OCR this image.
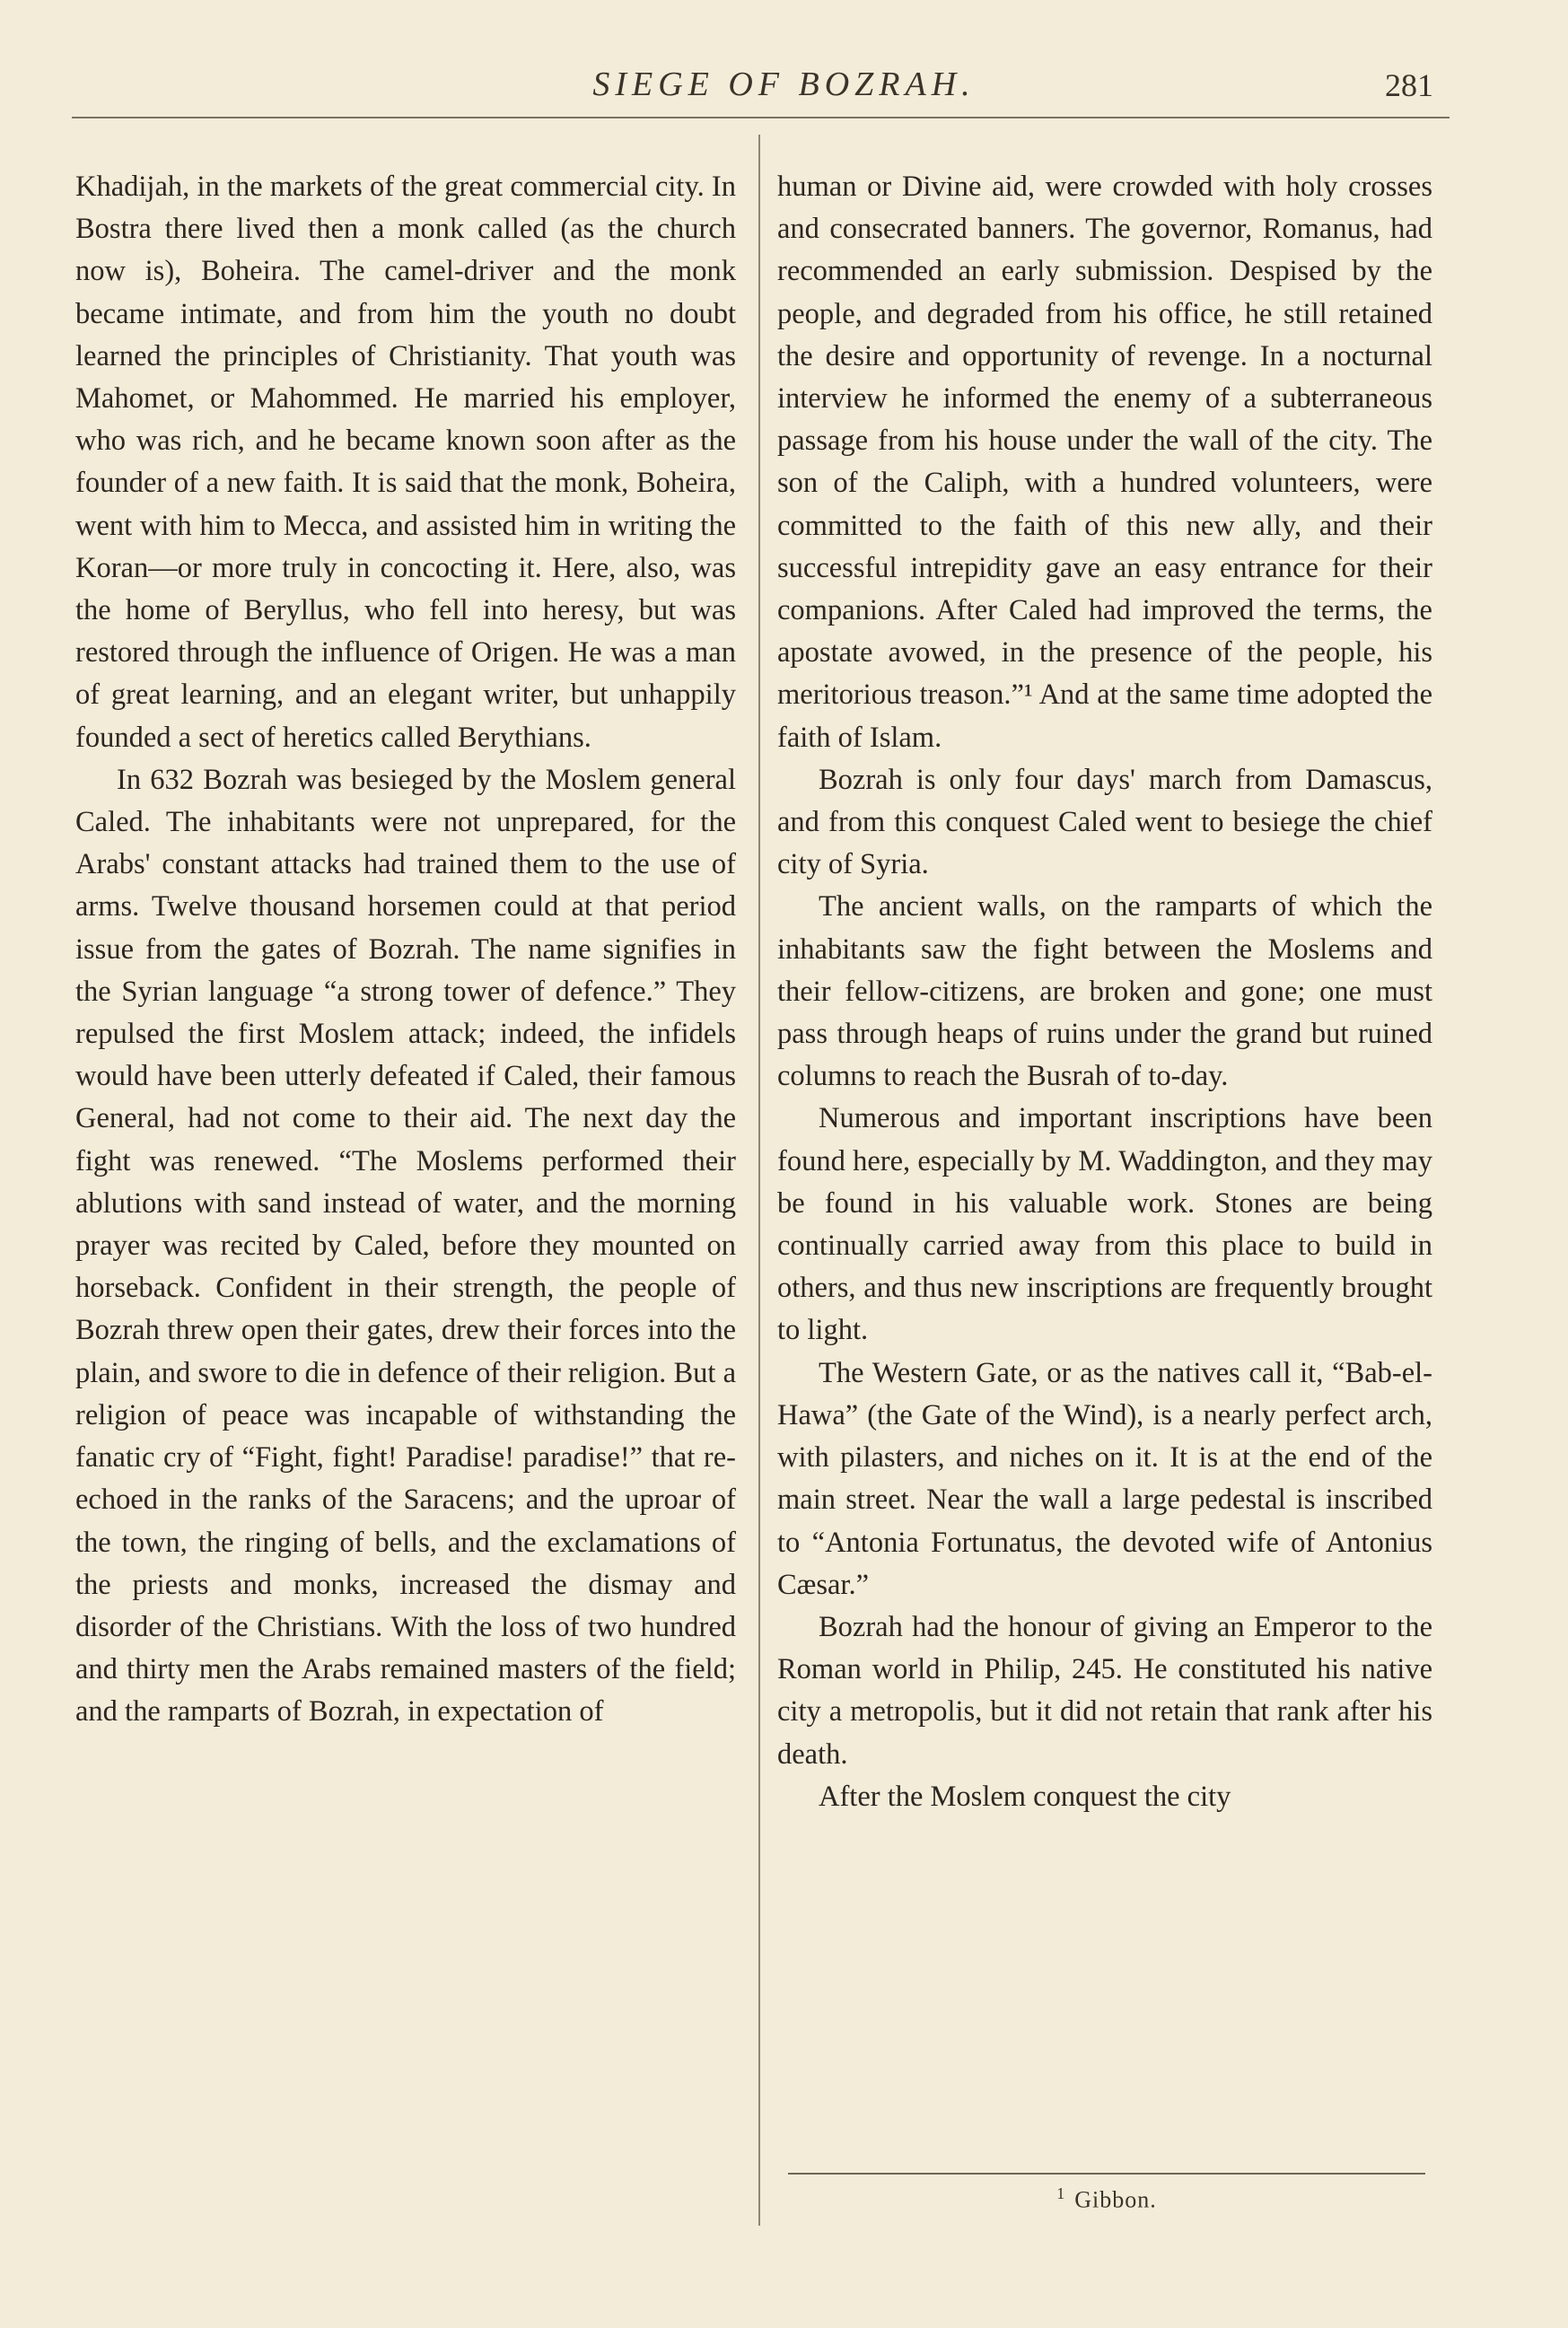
SIEGE OF BOZRAH.	281

Khadijah, in the markets of the great commercial city. In Bostra there lived then a monk called (as the church now is), Boheira. The camel-driver and the monk became intimate, and from him the youth no doubt learned the principles of Christianity. That youth was Mahomet, or Mahommed. He married his employer, who was rich, and he became known soon after as the founder of a new faith. It is said that the monk, Boheira, went with him to Mecca, and assisted him in writing the Koran—or more truly in concocting it. Here, also, was the home of Beryllus, who fell into heresy, but was restored through the influence of Origen. He was a man of great learning, and an elegant writer, but unhappily founded a sect of heretics called Berythians.

In 632 Bozrah was besieged by the Moslem general Caled. The inhabitants were not unprepared, for the Arabs' constant attacks had trained them to the use of arms. Twelve thousand horsemen could at that period issue from the gates of Bozrah. The name signifies in the Syrian language “a strong tower of defence.” They repulsed the first Moslem attack; indeed, the infidels would have been utterly defeated if Caled, their famous General, had not come to their aid. The next day the fight was renewed. “The Moslems performed their ablutions with sand instead of water, and the morning prayer was recited by Caled, before they mounted on horseback. Confident in their strength, the people of Bozrah threw open their gates, drew their forces into the plain, and swore to die in defence of their religion. But a religion of peace was incapable of withstanding the fanatic cry of “Fight, fight! Paradise! paradise!” that re-echoed in the ranks of the Saracens; and the uproar of the town, the ringing of bells, and the exclamations of the priests and monks, increased the dismay and disorder of the Christians. With the loss of two hundred and thirty men the Arabs remained masters of the field; and the ramparts of Bozrah, in expectation of

human or Divine aid, were crowded with holy crosses and consecrated banners. The governor, Romanus, had recommended an early submission. Despised by the people, and degraded from his office, he still retained the desire and opportunity of revenge. In a nocturnal interview he informed the enemy of a subterraneous passage from his house under the wall of the city. The son of the Caliph, with a hundred volunteers, were committed to the faith of this new ally, and their successful intrepidity gave an easy entrance for their companions. After Caled had improved the terms, the apostate avowed, in the presence of the people, his meritorious treason.”¹ And at the same time adopted the faith of Islam.

Bozrah is only four days' march from Damascus, and from this conquest Caled went to besiege the chief city of Syria.

The ancient walls, on the ramparts of which the inhabitants saw the fight between the Moslems and their fellow-citizens, are broken and gone; one must pass through heaps of ruins under the grand but ruined columns to reach the Busrah of to-day.

Numerous and important inscriptions have been found here, especially by M. Waddington, and they may be found in his valuable work. Stones are being continually carried away from this place to build in others, and thus new inscriptions are frequently brought to light.

The Western Gate, or as the natives call it, “Bab-el-Hawa” (the Gate of the Wind), is a nearly perfect arch, with pilasters, and niches on it. It is at the end of the main street. Near the wall a large pedestal is inscribed to “Antonia Fortunatus, the devoted wife of Antonius Cæsar.”

Bozrah had the honour of giving an Emperor to the Roman world in Philip, 245. He constituted his native city a metropolis, but it did not retain that rank after his death.

After the Moslem conquest the city

$^1$ Gibbon.
